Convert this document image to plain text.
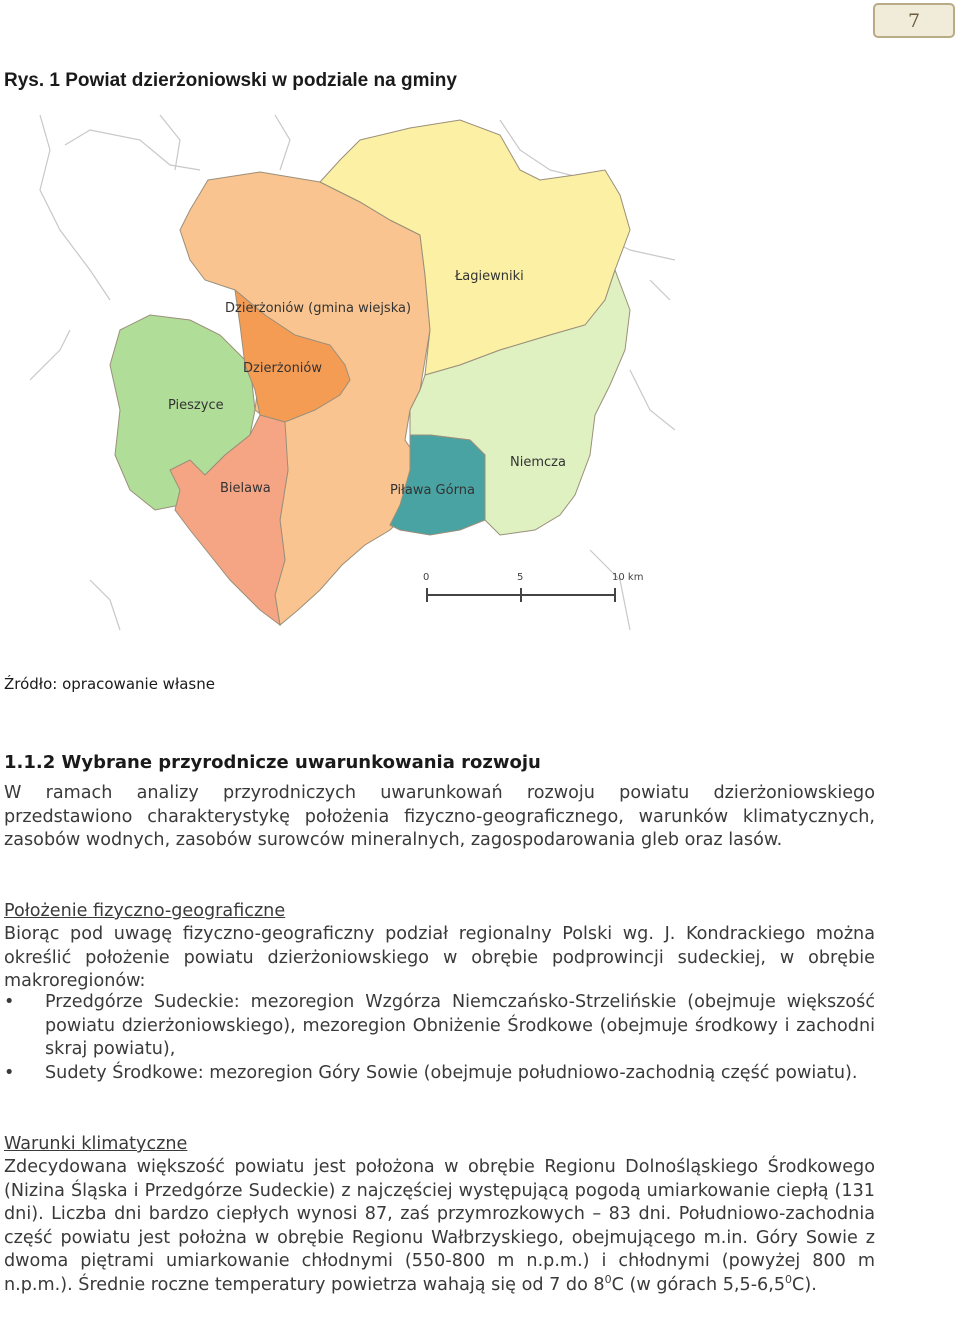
7
Rys. 1 Powiat dzierżoniowski w podziale na gminy
Dzierżoniów (gmina wiejska)
Łagiewniki
Dzierżoniów
Pieszyce
Niemcza
Bielawa	Piława Górna
0	5	10 km
Źródło: opracowanie własne
1.1.2 Wybrane przyrodnicze uwarunkowania rozwoju
W ramach analizy przyrodniczych uwarunkowań rozwoju powiatu dzierżoniowskiego przedstawiono charakterystykę położenia fizyczno-geograficznego, warunków klimatycznych, zasobów wodnych, zasobów surowców mineralnych, zagospodarowania gleb oraz lasów.
Położenie fizyczno-geograficzne
Biorąc pod uwagę fizyczno-geograficzny podział regionalny Polski wg. J. Kondrackiego można określić położenie powiatu dzierżoniowskiego w obrębie podprowincji sudeckiej, w obrębie makroregionów:
• Przedgórze Sudeckie: mezoregion Wzgórza Niemczańsko-Strzelińskie (obejmuje większość powiatu dzierżoniowskiego), mezoregion Obniżenie Środkowe (obejmuje środkowy i zachodni skraj powiatu),
• Sudety Środkowe: mezoregion Góry Sowie (obejmuje południowo-zachodnią część powiatu).
Warunki klimatyczne
Zdecydowana większość powiatu jest położona w obrębie Regionu Dolnośląskiego Środkowego (Nizina Śląska i Przedgórze Sudeckie) z najczęściej występującą pogodą umiarkowanie ciepłą (131 dni). Liczba dni bardzo ciepłych wynosi 87, zaś przymrozkowych – 83 dni. Południowo-zachodnia część powiatu jest położna w obrębie Regionu Wałbrzyskiego, obejmującego m.in. Góry Sowie z dwoma piętrami umiarkowanie chłodnymi (550-800 m n.p.m.) i chłodnymi (powyżej 800 m n.p.m.). Średnie roczne temperatury powietrza wahają się od 7 do $8^0C$ (w górach $5,5-6,5^0C$).
